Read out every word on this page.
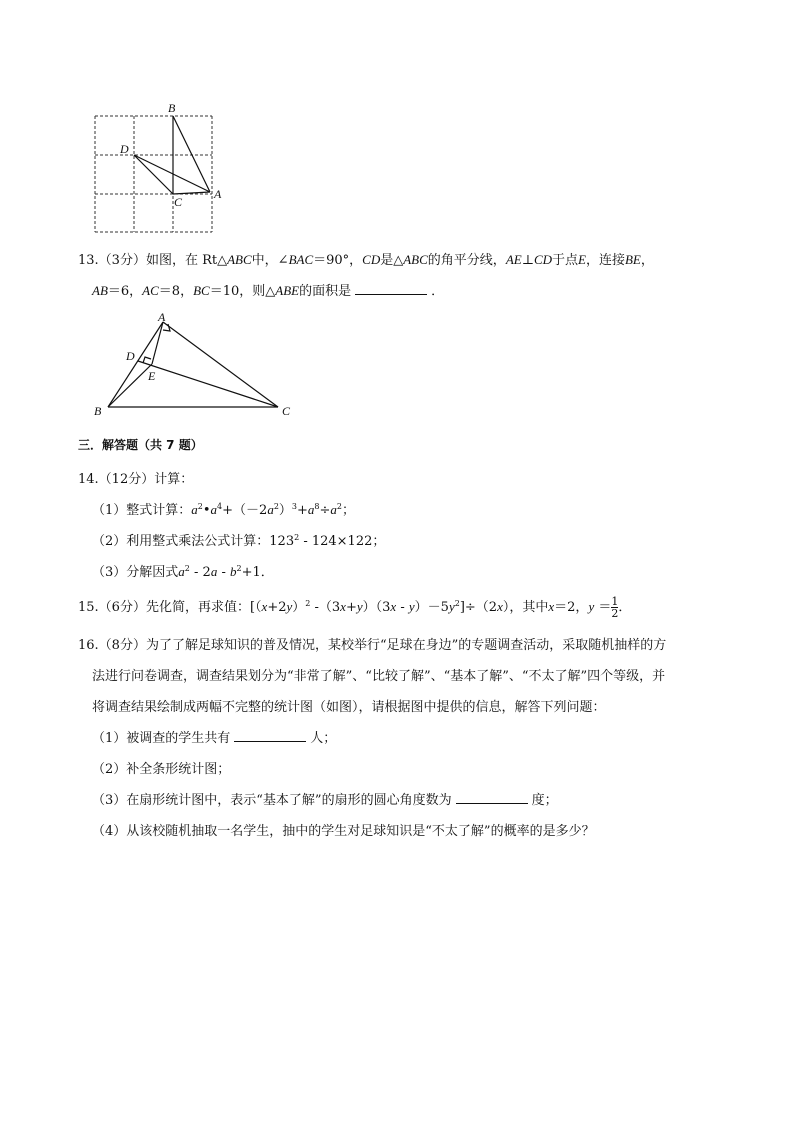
B
D
A
C
13.（3分）如图，在 Rt△ABC中，∠BAC＝90°，CD是△ABC的角平分线，AE⊥CD于点E，连接BE，
AB＝6，AC＝8，BC＝10，则△ABE的面积是	．
A
D
E
B	C
三．解答题（共 7 题）
14.（12分）计算：
（1）整式计算：$a^2•a^4+(-2a^2)^3+a^8\div a^2$；
（2）利用整式乘法公式计算：$123^2 - 124\times 122$；
（3）分解因式$a^2 - 2a - b^2+1$．
15.（6分）先化简，再求值：[$(x+2y)^2$ $-(3x+y)(3x - y)-5y^2]\div(2x)$，其中x＝2，$y = \frac{1}{2}$ ．
16.（8分）为了了解足球知识的普及情况，某校举行“足球在身边”的专题调查活动，采取随机抽样的方
法进行问卷调查，调查结果划分为“非常了解”、“比较了解”、“基本了解”、“不太了解”四个等级，并
将调查结果绘制成两幅不完整的统计图（如图），请根据图中提供的信息，解答下列问题：
（1）被调查的学生共有	人；
（2）补全条形统计图；
（3）在扇形统计图中，表示“基本了解”的扇形的圆心角度数为	度；
（4）从该校随机抽取一名学生，抽中的学生对足球知识是“不太了解”的概率的是多少？
